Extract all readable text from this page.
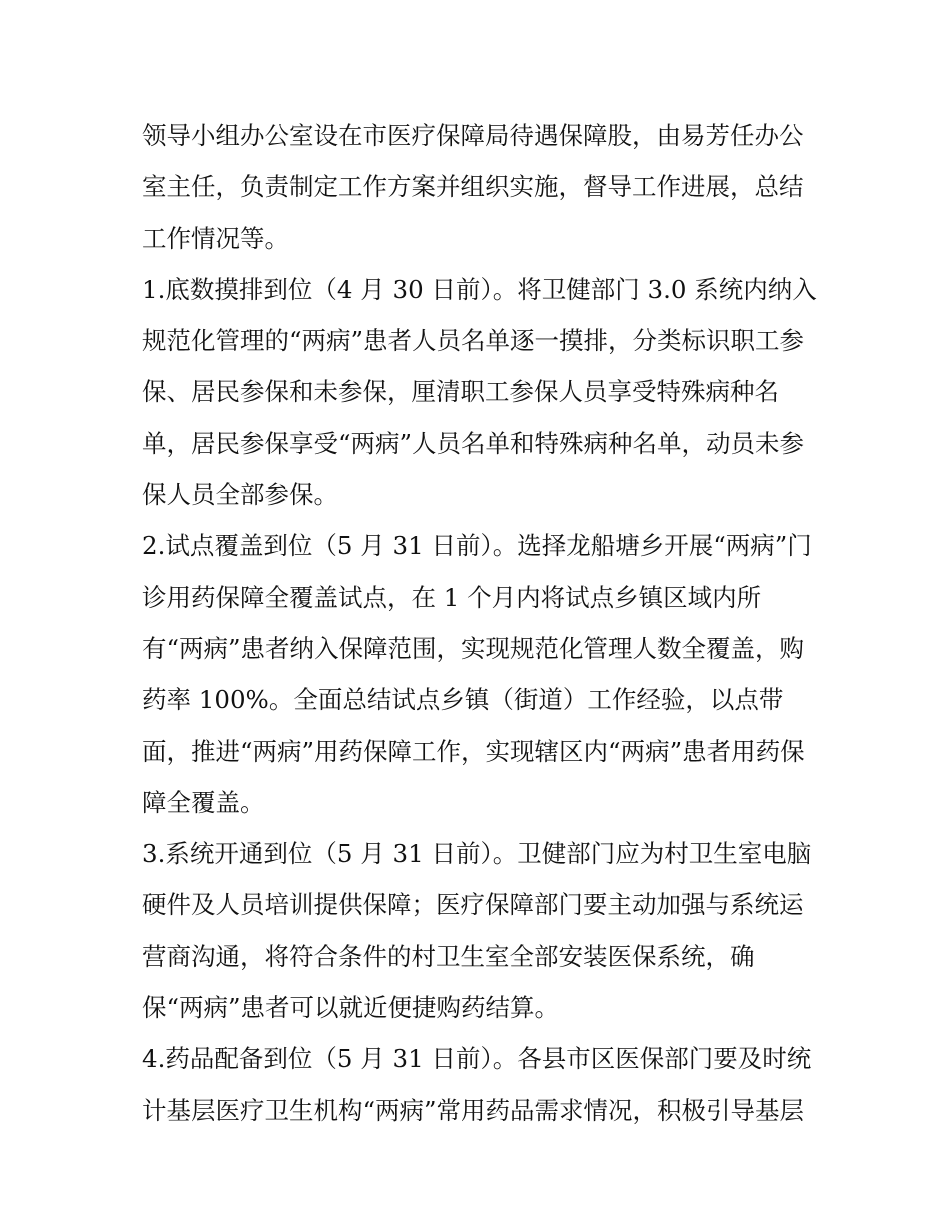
领导小组办公室设在市医疗保障局待遇保障股，由易芳任办公
室主任，负责制定工作方案并组织实施，督导工作进展，总结
工作情况等。
1.底数摸排到位（4 月 30 日前）。将卫健部门 3.0 系统内纳入
规范化管理的“两病”患者人员名单逐一摸排，分类标识职工参
保、居民参保和未参保，厘清职工参保人员享受特殊病种名
单，居民参保享受“两病”人员名单和特殊病种名单，动员未参
保人员全部参保。
2.试点覆盖到位（5 月 31 日前）。选择龙船塘乡开展“两病”门
诊用药保障全覆盖试点，在 1 个月内将试点乡镇区域内所
有“两病”患者纳入保障范围，实现规范化管理人数全覆盖，购
药率 100%。全面总结试点乡镇（街道）工作经验，以点带
面，推进“两病”用药保障工作，实现辖区内“两病”患者用药保
障全覆盖。
3.系统开通到位（5 月 31 日前）。卫健部门应为村卫生室电脑
硬件及人员培训提供保障；医疗保障部门要主动加强与系统运
营商沟通，将符合条件的村卫生室全部安装医保系统，确
保“两病”患者可以就近便捷购药结算。
4.药品配备到位（5 月 31 日前）。各县市区医保部门要及时统
计基层医疗卫生机构“两病”常用药品需求情况，积极引导基层
